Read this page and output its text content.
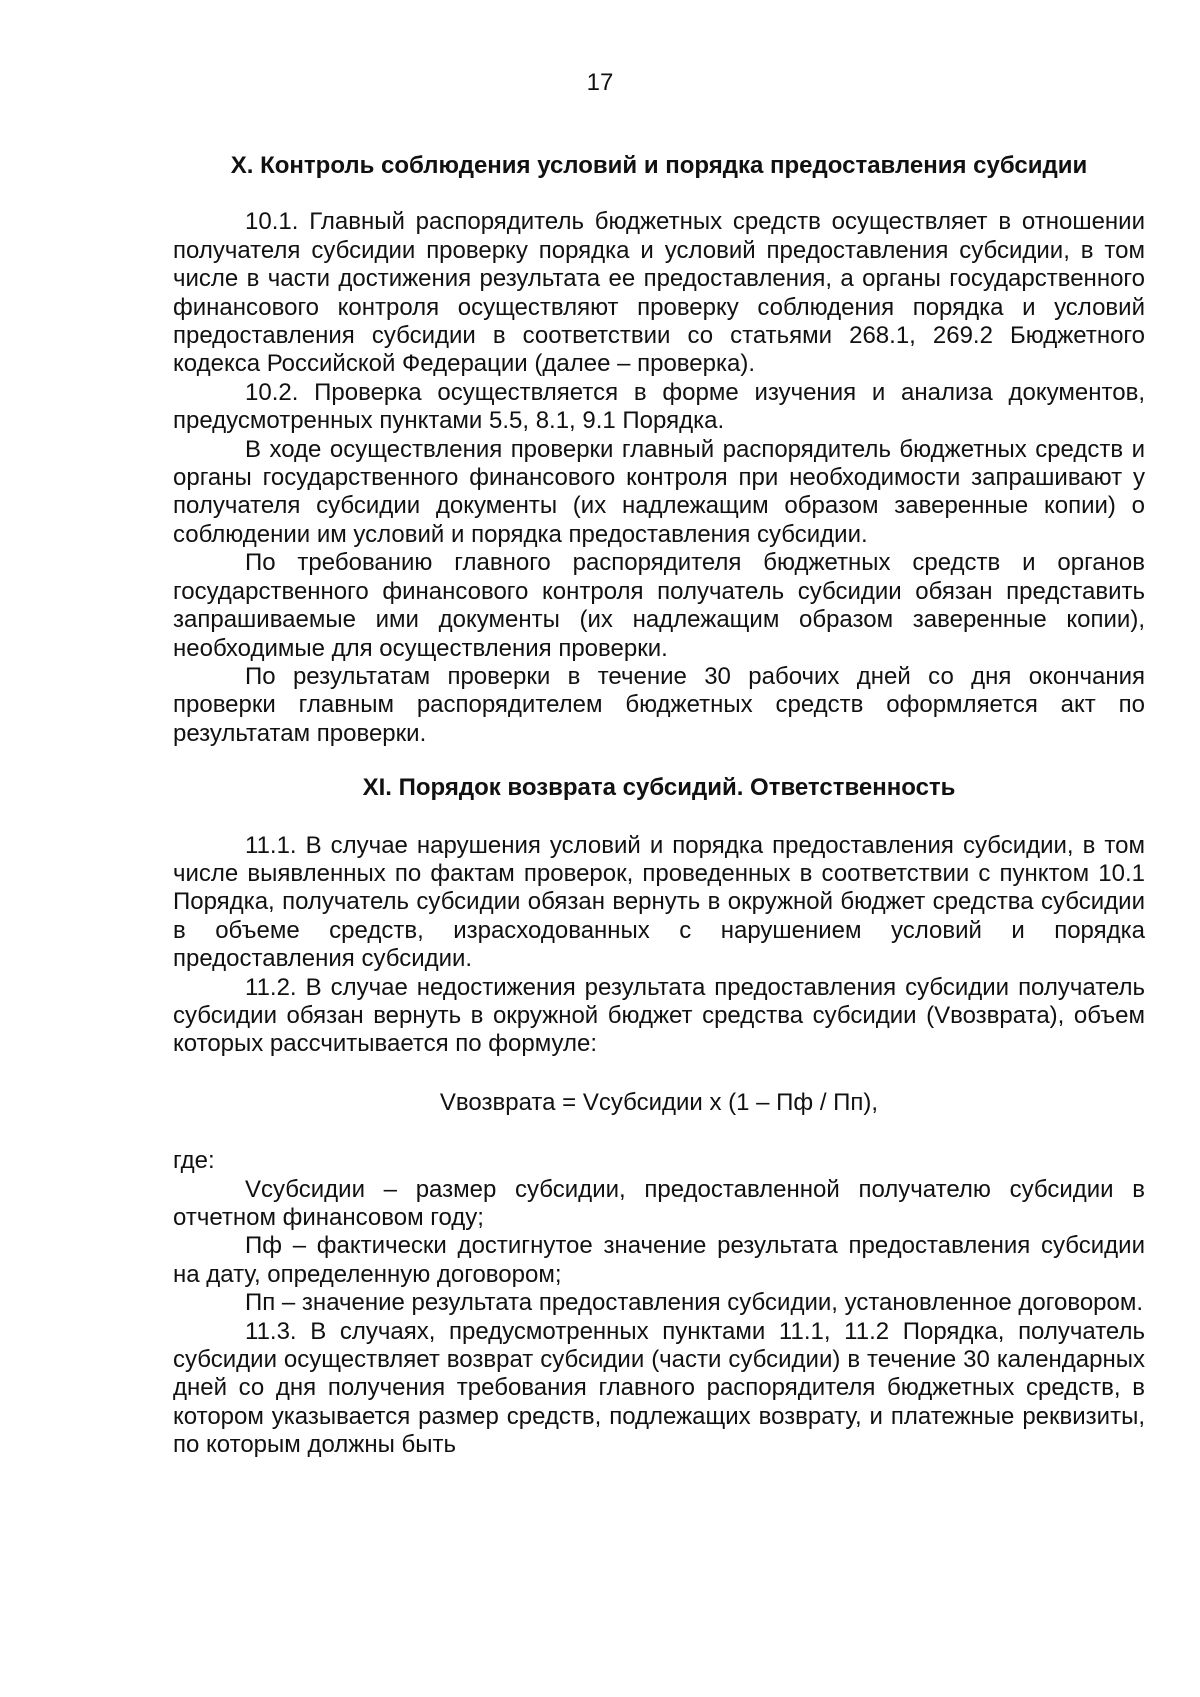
17
X. Контроль соблюдения условий и порядка предоставления субсидии

10.1. Главный распорядитель бюджетных средств осуществляет в отношении получателя субсидии проверку порядка и условий предоставления субсидии, в том числе в части достижения результата ее предоставления, а органы государственного финансового контроля осуществляют проверку соблюдения порядка и условий предоставления субсидии в соответствии со статьями 268.1, 269.2 Бюджетного кодекса Российской Федерации (далее – проверка).

10.2. Проверка осуществляется в форме изучения и анализа документов, предусмотренных пунктами 5.5, 8.1, 9.1 Порядка.

В ходе осуществления проверки главный распорядитель бюджетных средств и органы государственного финансового контроля при необходимости запрашивают у получателя субсидии документы (их надлежащим образом заверенные копии) о соблюдении им условий и порядка предоставления субсидии.

По требованию главного распорядителя бюджетных средств и органов государственного финансового контроля получатель субсидии обязан представить запрашиваемые ими документы (их надлежащим образом заверенные копии), необходимые для осуществления проверки.

По результатам проверки в течение 30 рабочих дней со дня окончания проверки главным распорядителем бюджетных средств оформляется акт по результатам проверки.

XI. Порядок возврата субсидий. Ответственность

11.1. В случае нарушения условий и порядка предоставления субсидии, в том числе выявленных по фактам проверок, проведенных в соответствии с пунктом 10.1 Порядка, получатель субсидии обязан вернуть в окружной бюджет средства субсидии в объеме средств, израсходованных с нарушением условий и порядка предоставления субсидии.

11.2. В случае недостижения результата предоставления субсидии получатель субсидии обязан вернуть в окружной бюджет средства субсидии (Vвозврата), объем которых рассчитывается по формуле:

Vвозврата = Vсубсидии x (1 – Пф / Пп),

где:

Vсубсидии – размер субсидии, предоставленной получателю субсидии в отчетном финансовом году;

Пф – фактически достигнутое значение результата предоставления субсидии на дату, определенную договором;

Пп – значение результата предоставления субсидии, установленное договором.

11.3. В случаях, предусмотренных пунктами 11.1, 11.2 Порядка, получатель субсидии осуществляет возврат субсидии (части субсидии) в течение 30 календарных дней со дня получения требования главного распорядителя бюджетных средств, в котором указывается размер средств, подлежащих возврату, и платежные реквизиты, по которым должны быть
